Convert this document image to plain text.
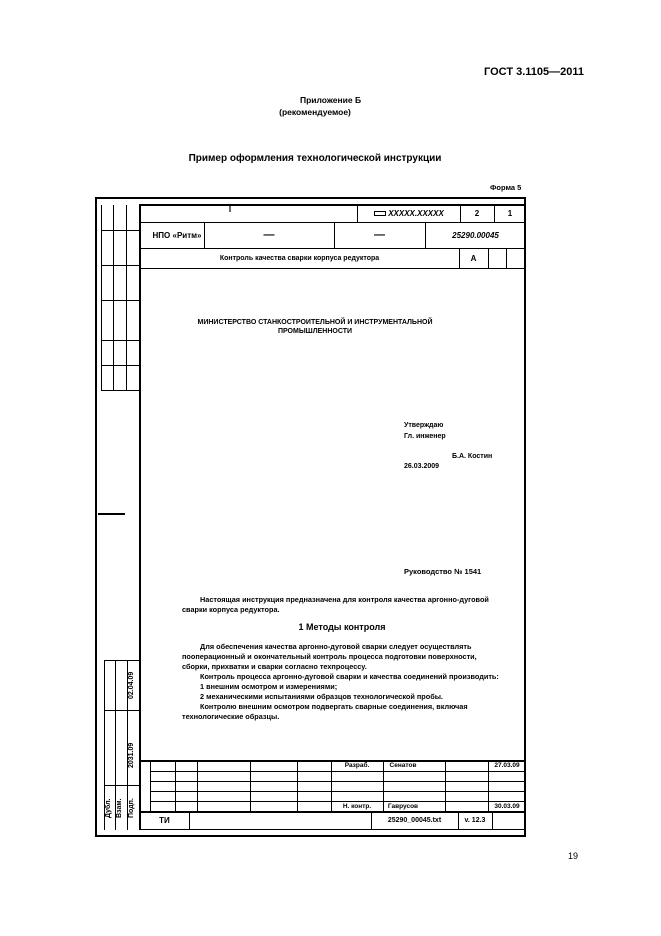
ГОСТ 3.1105—2011
Приложение Б
(рекомендуемое)
Пример оформления технологической инструкции
Форма 5
I	XXXXX.XXXXX	2	1
НПО «Ритм»	—	—	25290.00045
Контроль качества сварки корпуса редуктора	А
МИНИСТЕРСТВО СТАНКОСТРОИТЕЛЬНОЙ И ИНСТРУМЕНТАЛЬНОЙ ПРОМЫШЛЕННОСТИ
Утверждаю
Гл. инженер
Б.А. Костин
26.03.2009
Руководство № 1541

Настоящая инструкция предназначена для контроля качества аргонно-дуговой сварки корпуса редуктора.

1 Методы контроля

Для обеспечения качества аргонно-дуговой сварки следует осуществлять пооперационный и окончательный контроль процесса подготовки поверхности, сборки, прихватки и сварки согласно техпроцессу.

Контроль процесса аргонно-дуговой сварки и качества соединений производить:

1 внешним осмотром и измерениями;

2 механическими испытаниями образцов технологической пробы.

Контролю внешним осмотром подвергать сварные соединения, включая технологические образцы.

02.04.09
2031.09
Дубл. Взам. Подп.
Разраб.	Сенатов	27.03.09
Н. контр.	Гаврусов	30.03.09
ТИ	25290_00045.txt	v. 12.3
19
